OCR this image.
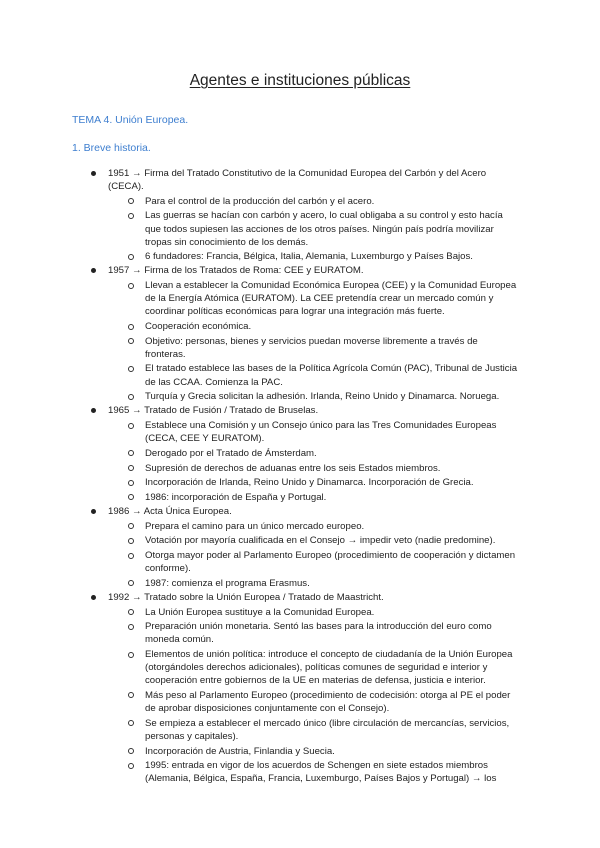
Agentes e instituciones públicas
TEMA 4. Unión Europea.
1. Breve historia.
1951 → Firma del Tratado Constitutivo de la Comunidad Europea del Carbón y del Acero (CECA).
Para el control de la producción del carbón y el acero.
Las guerras se hacían con carbón y acero, lo cual obligaba a su control y esto hacía que todos supiesen las acciones de los otros países. Ningún país podría movilizar tropas sin conocimiento de los demás.
6 fundadores: Francia, Bélgica, Italia, Alemania, Luxemburgo y Países Bajos.
1957 → Firma de los Tratados de Roma: CEE y EURATOM.
Llevan a establecer la Comunidad Económica Europea (CEE) y la Comunidad Europea de la Energía Atómica (EURATOM). La CEE pretendía crear un mercado común y coordinar políticas económicas para lograr una integración más fuerte.
Cooperación económica.
Objetivo: personas, bienes y servicios puedan moverse libremente a través de fronteras.
El tratado establece las bases de la Política Agrícola Común (PAC), Tribunal de Justicia de las CCAA. Comienza la PAC.
Turquía y Grecia solicitan la adhesión. Irlanda, Reino Unido y Dinamarca. Noruega.
1965 → Tratado de Fusión / Tratado de Bruselas.
Establece una Comisión y un Consejo único para las Tres Comunidades Europeas (CECA, CEE Y EURATOM).
Derogado por el Tratado de Ámsterdam.
Supresión de derechos de aduanas entre los seis Estados miembros.
Incorporación de Irlanda, Reino Unido y Dinamarca. Incorporación de Grecia.
1986: incorporación de España y Portugal.
1986 → Acta Única Europea.
Prepara el camino para un único mercado europeo.
Votación por mayoría cualificada en el Consejo → impedir veto (nadie predomine).
Otorga mayor poder al Parlamento Europeo (procedimiento de cooperación y dictamen conforme).
1987: comienza el programa Erasmus.
1992 → Tratado sobre la Unión Europea / Tratado de Maastricht.
La Unión Europea sustituye a la Comunidad Europea.
Preparación unión monetaria. Sentó las bases para la introducción del euro como moneda común.
Elementos de unión política: introduce el concepto de ciudadanía de la Unión Europea (otorgándoles derechos adicionales), políticas comunes de seguridad e interior y cooperación entre gobiernos de la UE en materias de defensa, justicia e interior.
Más peso al Parlamento Europeo (procedimiento de codecisión: otorga al PE el poder de aprobar disposiciones conjuntamente con el Consejo).
Se empieza a establecer el mercado único (libre circulación de mercancías, servicios, personas y capitales).
Incorporación de Austria, Finlandia y Suecia.
1995: entrada en vigor de los acuerdos de Schengen en siete estados miembros (Alemania, Bélgica, España, Francia, Luxemburgo, Países Bajos y Portugal) → los
